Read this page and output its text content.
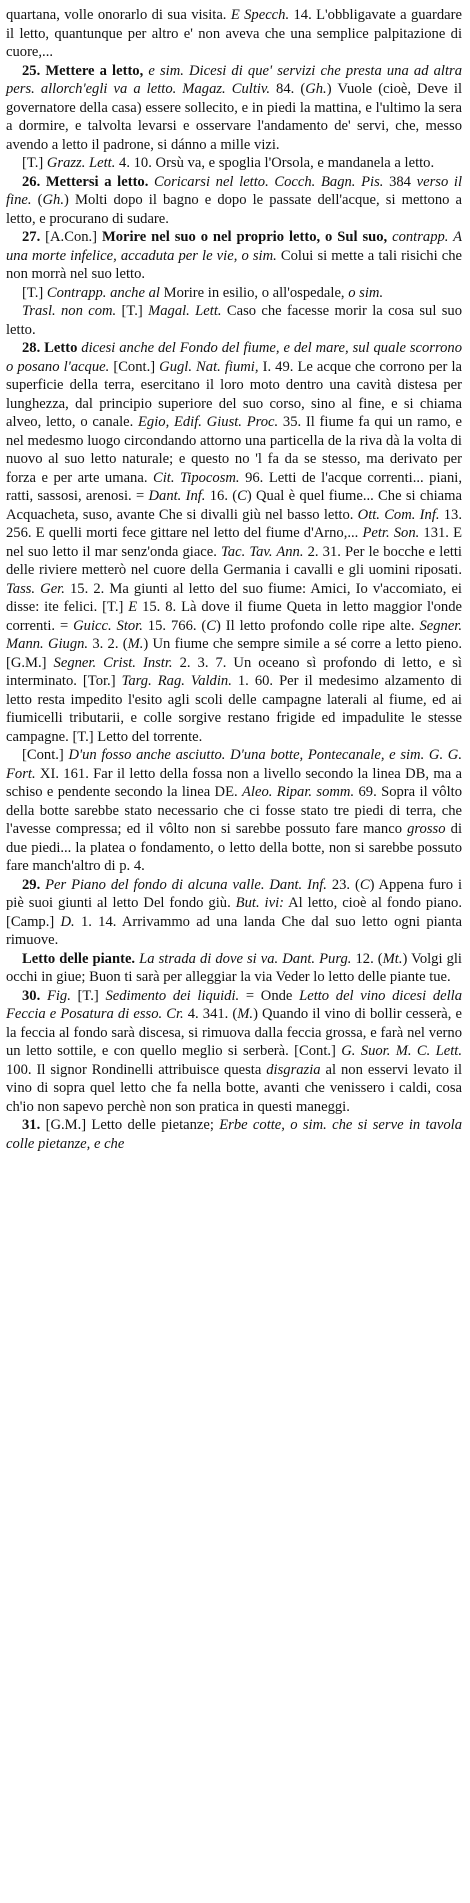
quartana, volle onorarlo di sua visita. E Specch. 14. L'obbligavate a guardare il letto, quantunque per altro e' non aveva che una semplice palpitazione di cuore,...

25. Mettere a letto, e sim. Dicesi di que' servizi che presta una ad altra pers. allorch'egli va a letto. Magaz. Cultiv. 84. (Gh.) Vuole (cioè, Deve il governatore della casa) essere sollecito, e in piedi la mattina, e l'ultimo la sera a dormire, e talvolta levarsi e osservare l'andamento de' servi, che, messo avendo a letto il padrone, si dánno a mille vizi.

[T.] Grazz. Lett. 4. 10. Orsù va, e spoglia l'Orsola, e mandanela a letto.

26. Mettersi a letto. Coricarsi nel letto. Cocch. Bagn. Pis. 384 verso il fine. (Gh.) Molti dopo il bagno e dopo le passate dell'acque, si mettono a letto, e procurano di sudare.

27. [A.Con.] Morire nel suo o nel proprio letto, o Sul suo, contrapp. A una morte infelice, accaduta per le vie, o sim. Colui si mette a tali risichi che non morrà nel suo letto.

[T.] Contrapp. anche al Morire in esilio, o all'ospedale, o sim.

Trasl. non com. [T.] Magal. Lett. Caso che facesse morir la cosa sul suo letto.

28. Letto dicesi anche del Fondo del fiume, e del mare, sul quale scorrono o posano l'acque. [Cont.] Gugl. Nat. fiumi, I. 49. Le acque che corrono per la superficie della terra, esercitano il loro moto dentro una cavità distesa per lunghezza, dal principio superiore del suo corso, sino al fine, e si chiama alveo, letto, o canale. Egio, Edif. Giust. Proc. 35. Il fiume fa qui un ramo, e nel medesmo luogo circondando attorno una particella de la riva dà la volta di nuovo al suo letto naturale; e questo no 'l fa da se stesso, ma derivato per forza e per arte umana. Cit. Tipocosm. 96. Letti de l'acque correnti... piani, ratti, sassosi, arenosi. = Dant. Inf. 16. (C) Qual è quel fiume... Che si chiama Acquacheta, suso, avante Che si divalli giù nel basso letto. Ott. Com. Inf. 13. 256. E quelli morti fece gittare nel letto del fiume d'Arno,... Petr. Son. 131. E nel suo letto il mar senz'onda giace. Tac. Tav. Ann. 2. 31. Per le bocche e letti delle riviere metterò nel cuore della Germania i cavalli e gli uomini riposati. Tass. Ger. 15. 2. Ma giunti al letto del suo fiume: Amici, Io v'accomiato, ei disse: ite felici. [T.] E 15. 8. Là dove il fiume Queta in letto maggior l'onde correnti. = Guicc. Stor. 15. 766. (C) Il letto profondo colle ripe alte. Segner. Mann. Giugn. 3. 2. (M.) Un fiume che sempre simile a sé corre a letto pieno. [G.M.] Segner. Crist. Instr. 2. 3. 7. Un oceano sì profondo di letto, e sì interminato. [Tor.] Targ. Rag. Valdin. 1. 60. Per il medesimo alzamento di letto resta impedito l'esito agli scoli delle campagne laterali al fiume, ed ai fiumicelli tributarii, e colle sorgive restano frigide ed impadulite le stesse campagne. [T.] Letto del torrente.

[Cont.] D'un fosso anche asciutto. D'una botte, Pontecanale, e sim. G. G. Fort. XI. 161. Far il letto della fossa non a livello secondo la linea DB, ma a schiso e pendente secondo la linea DE. Aleo. Ripar. somm. 69. Sopra il vôlto della botte sarebbe stato necessario che ci fosse stato tre piedi di terra, che l'avesse compressa; ed il vôlto non si sarebbe possuto fare manco grosso di due piedi... la platea o fondamento, o letto della botte, non si sarebbe possuto fare manch'altro di p. 4.

29. Per Piano del fondo di alcuna valle. Dant. Inf. 23. (C) Appena furo i piè suoi giunti al letto Del fondo giù. But. ivi: Al letto, cioè al fondo piano. [Camp.] D. 1. 14. Arrivammo ad una landa Che dal suo letto ogni pianta rimuove.

Letto delle piante. La strada di dove si va. Dant. Purg. 12. (Mt.) Volgi gli occhi in giue; Buon ti sarà per alleggiar la via Veder lo letto delle piante tue.

30. Fig. [T.] Sedimento dei liquidi. = Onde Letto del vino dicesi della Feccia e Posatura di esso. Cr. 4. 341. (M.) Quando il vino di bollir cesserà, e la feccia al fondo sarà discesa, si rimuova dalla feccia grossa, e farà nel verno un letto sottile, e con quello meglio si serberà. [Cont.] G. Suor. M. C. Lett. 100. Il signor Rondinelli attribuisce questa disgrazia al non esservi levato il vino di sopra quel letto che fa nella botte, avanti che venissero i caldi, cosa ch'io non sapevo perchè non son pratica in questi maneggi.

31. [G.M.] Letto delle pietanze; Erbe cotte, o sim. che si serve in tavola colle pietanze, e che
